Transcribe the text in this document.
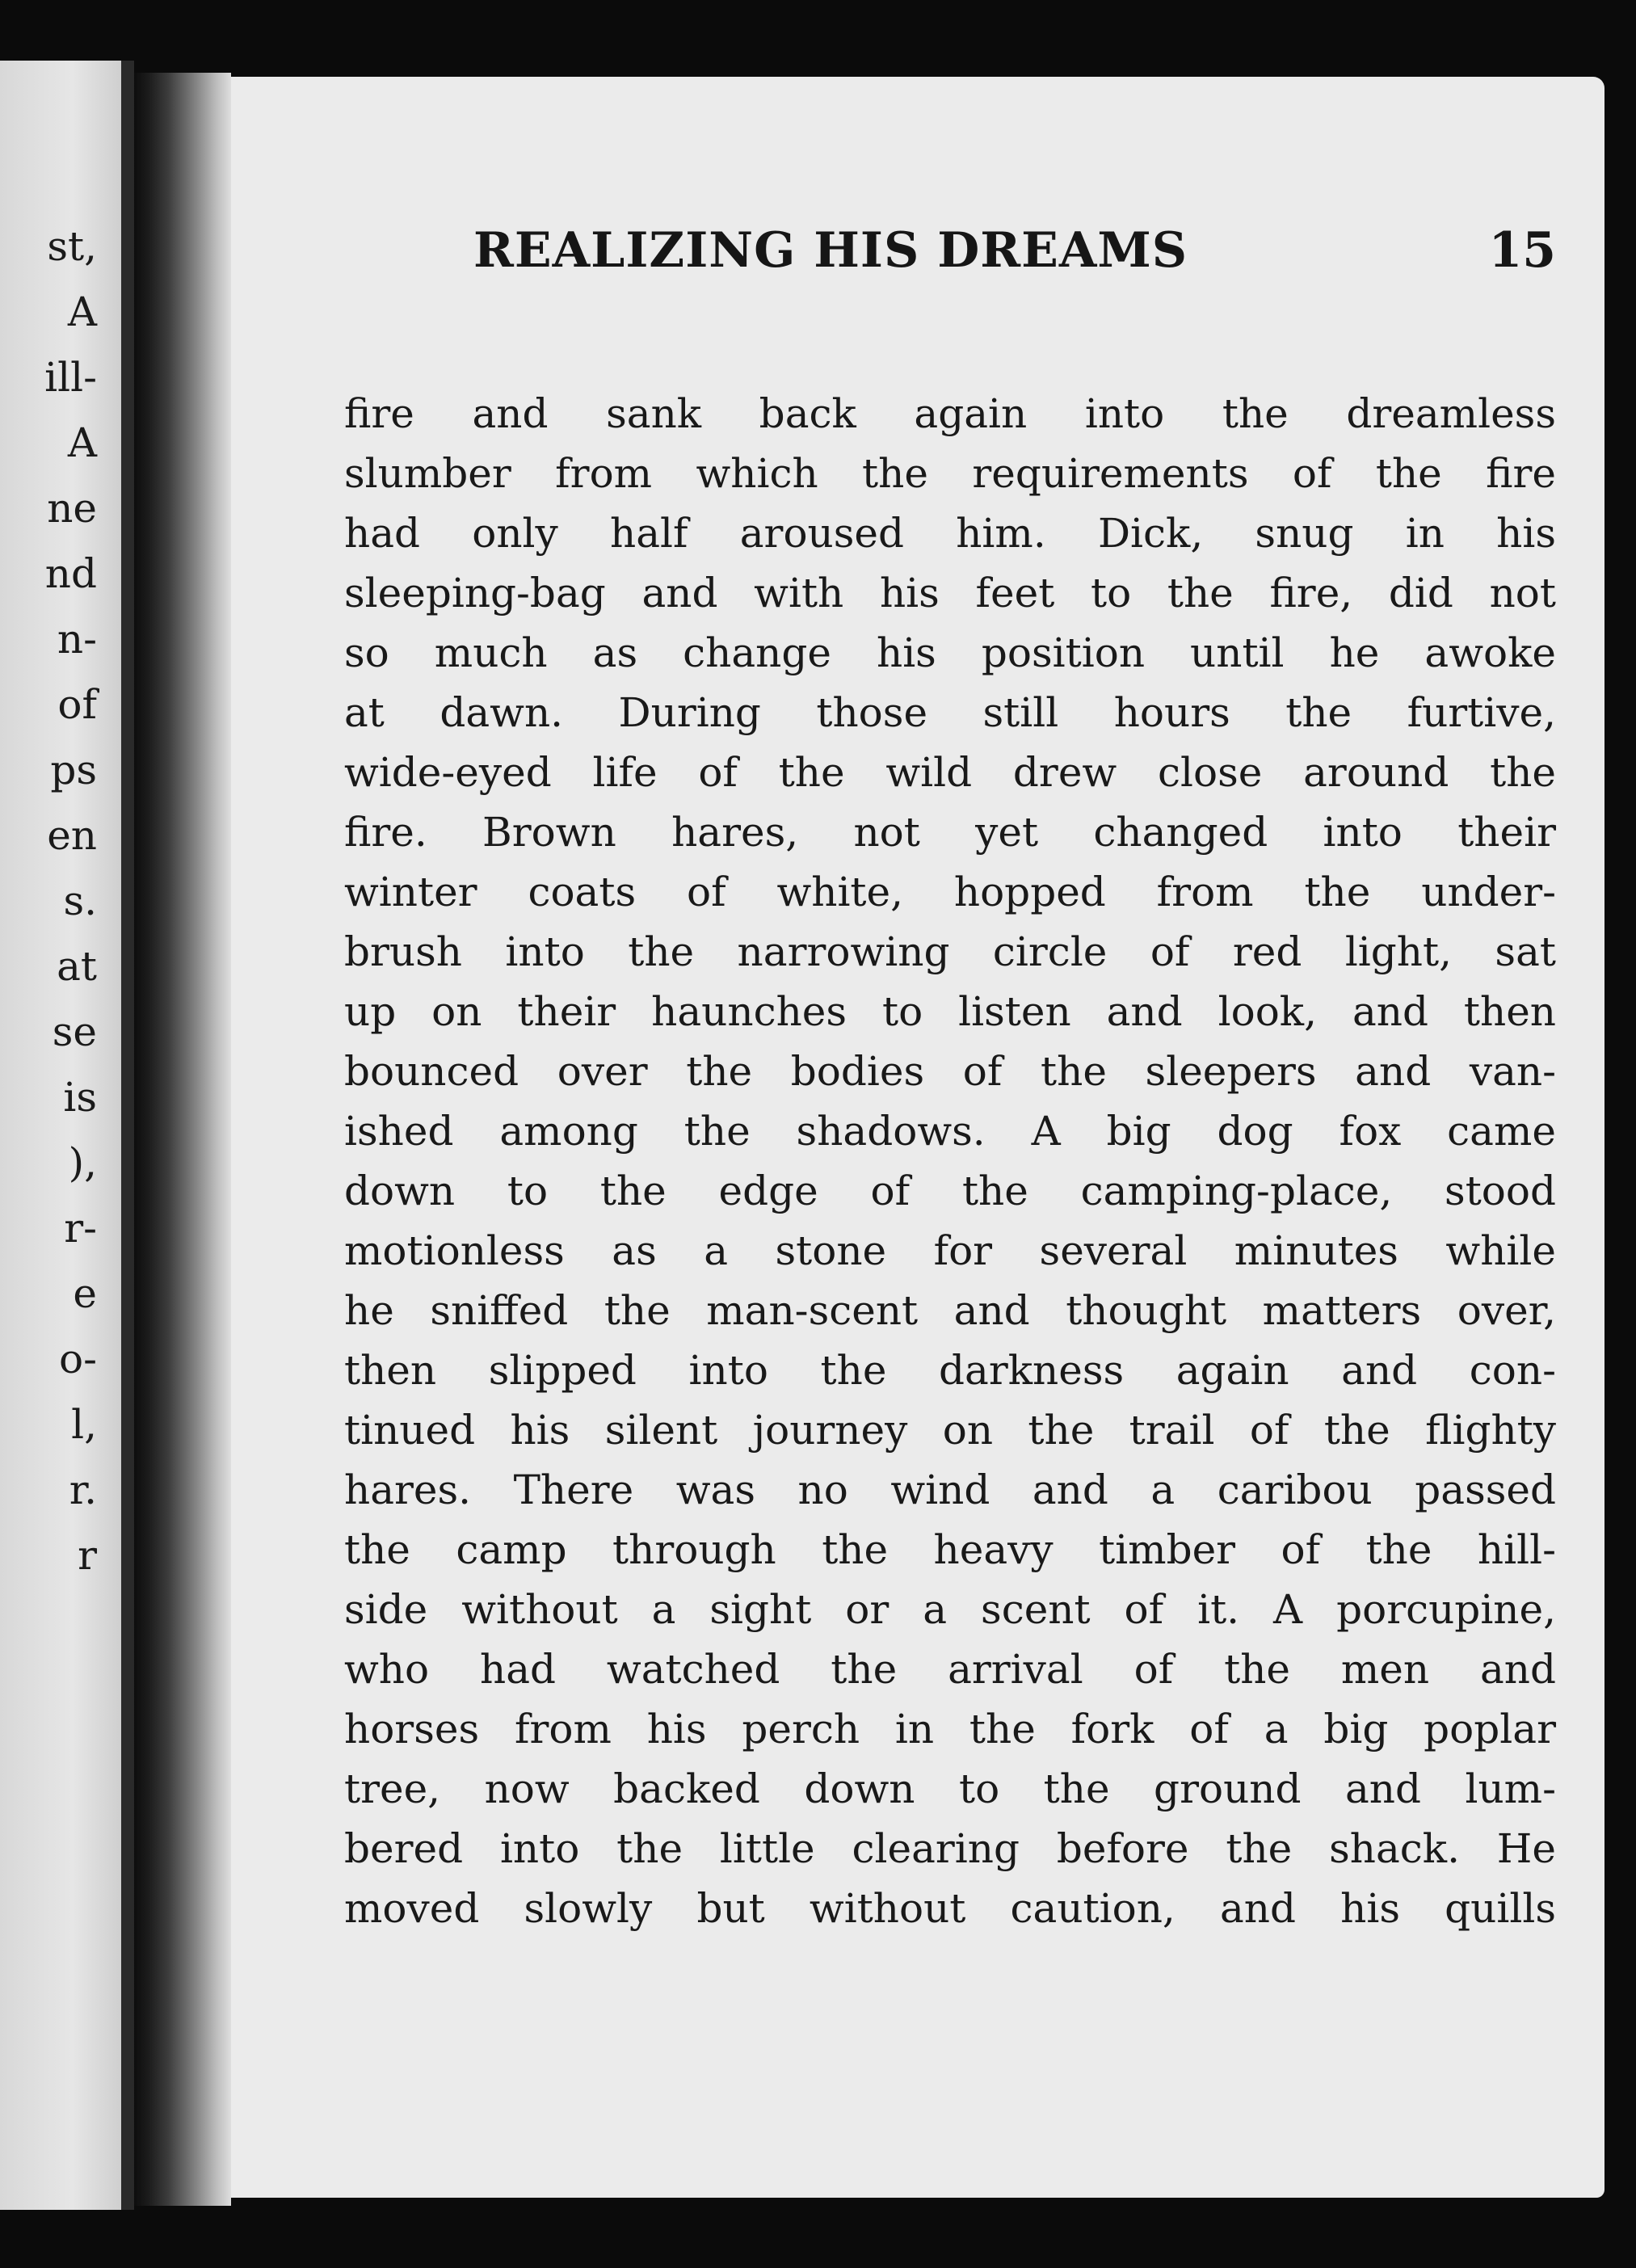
st,
A
ill-
A
ne
nd
n-
of
ps
en
s.
at
se
is
),
r-
e
o-
l,
r.
r
REALIZING HIS DREAMS	15
fire and sank back again into the dreamless
slumber from which the requirements of the fire
had only half aroused him. Dick, snug in his
sleeping-bag and with his feet to the fire, did not
so much as change his position until he awoke
at dawn. During those still hours the furtive,
wide-eyed life of the wild drew close around the
fire. Brown hares, not yet changed into their
winter coats of white, hopped from the under-
brush into the narrowing circle of red light, sat
up on their haunches to listen and look, and then
bounced over the bodies of the sleepers and van-
ished among the shadows. A big dog fox came
down to the edge of the camping-place, stood
motionless as a stone for several minutes while
he sniffed the man-scent and thought matters over,
then slipped into the darkness again and con-
tinued his silent journey on the trail of the flighty
hares. There was no wind and a caribou passed
the camp through the heavy timber of the hill-
side without a sight or a scent of it. A porcupine,
who had watched the arrival of the men and
horses from his perch in the fork of a big poplar
tree, now backed down to the ground and lum-
bered into the little clearing before the shack. He
moved slowly but without caution, and his quills
